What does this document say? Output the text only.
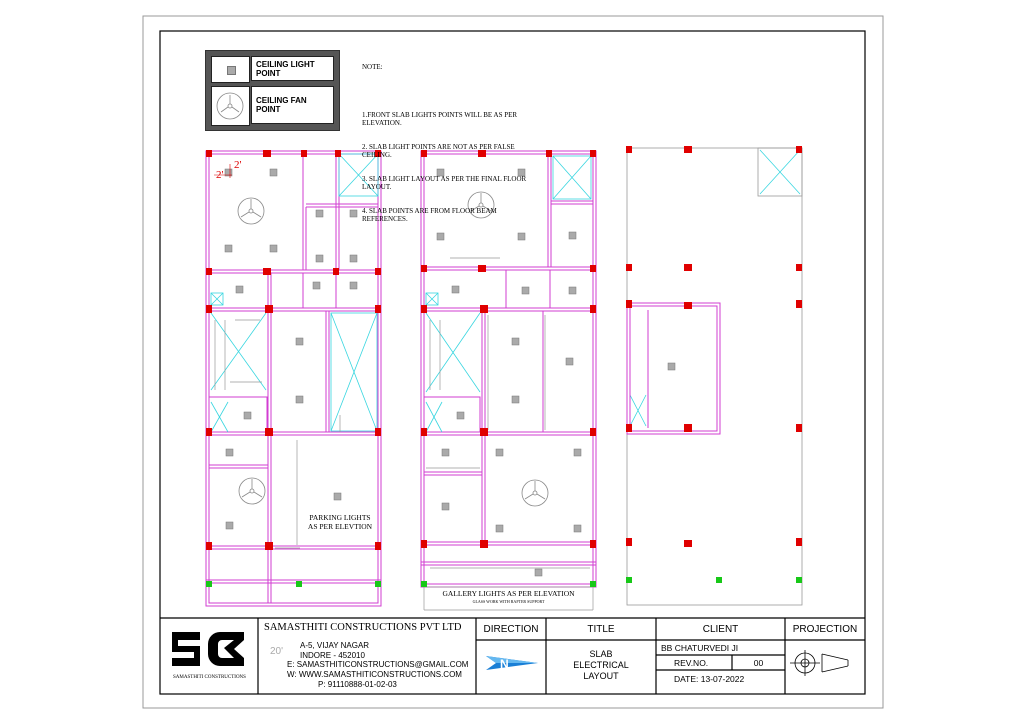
2'
2'
N
CEILING LIGHT POINT
CEILING FAN POINT

NOTE:

1.FRONT SLAB LIGHTS POINTS WILL BE AS PER ELEVATION.

2. SLAB LIGHT POINTS ARE NOT AS PER FALSE CEILING.

3. SLAB LIGHT LAYOUT AS PER THE FINAL FLOOR LAYOUT.

4. SLAB POINTS ARE FROM FLOOR BEAM REFERENCES.

PARKING LIGHTS
AS PER ELEVTION
GALLERY LIGHTS AS PER ELEVATION
GLASS WORK WITH RAFTER SUPPORT
SAMASTHITI CONSTRUCTIONS
SAMASTHITI CONSTRUCTIONS PVT LTD
20'
A-5, VIJAY NAGAR
INDORE - 452010
E: SAMASTHITICONSTRUCTIONS@GMAIL.COM
W: WWW.SAMASTHITICONSTRUCTIONS.COM
P: 91110888-01-02-03
DIRECTION	TITLE
SLAB
ELECTRICAL
LAYOUT
CLIENT
BB CHATURVEDI JI
REV.NO.	00
DATE: 13-07-2022
PROJECTION
